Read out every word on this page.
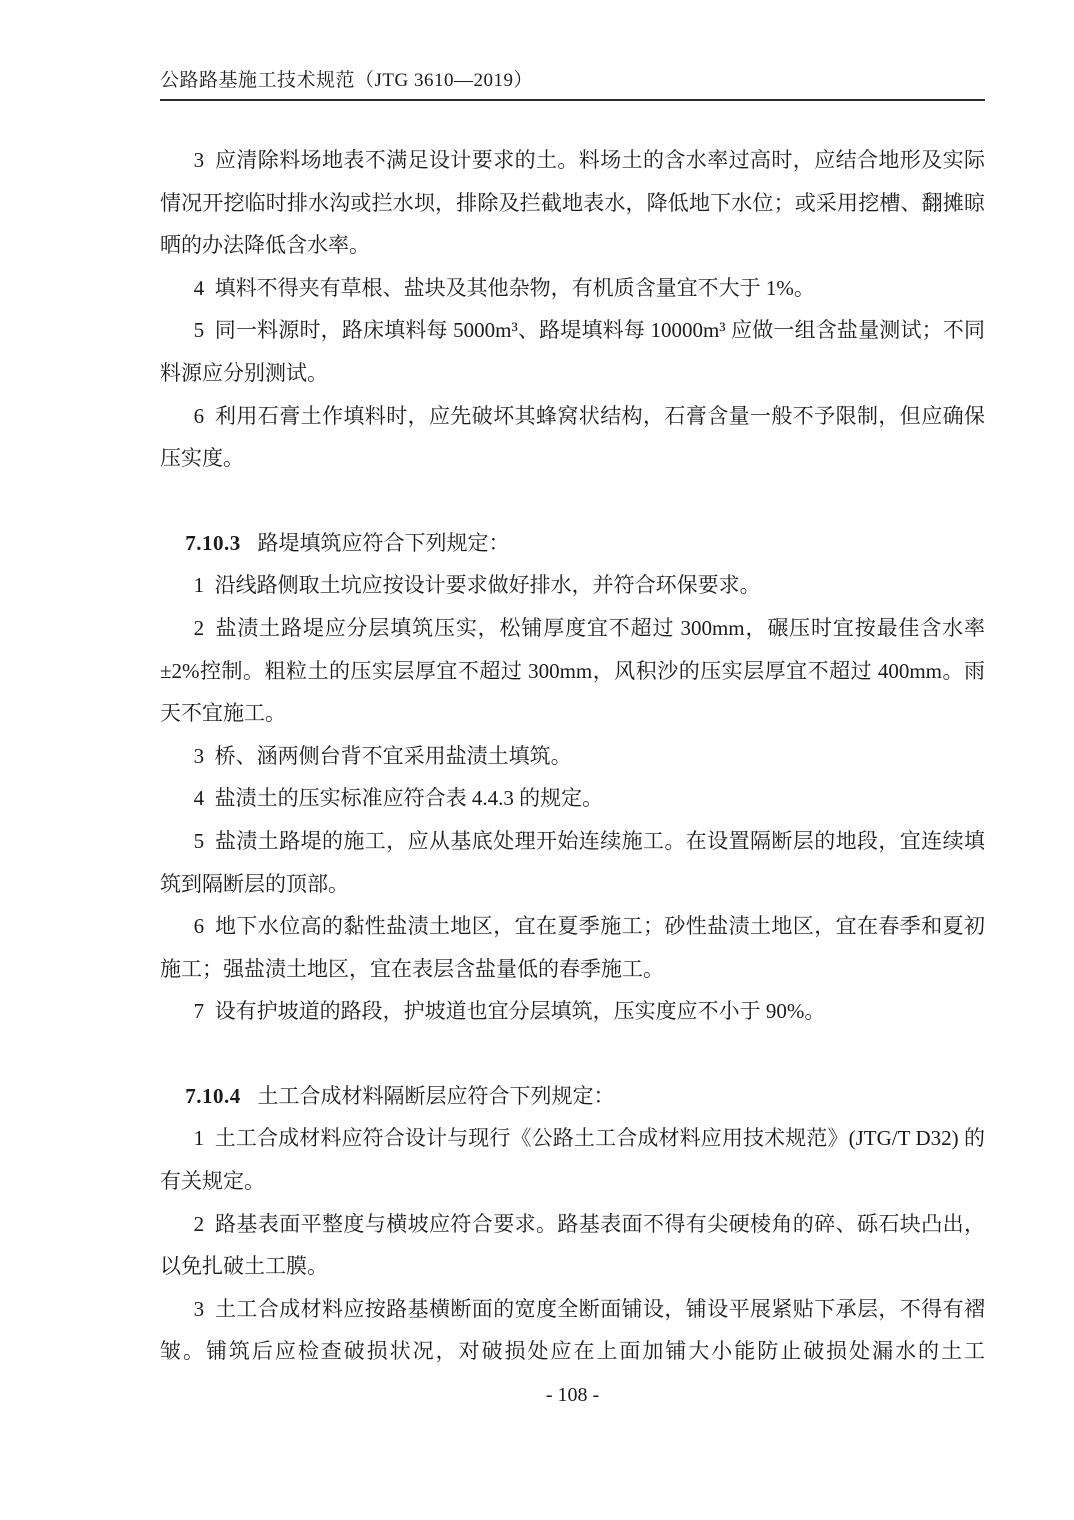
公路路基施工技术规范（JTG 3610—2019）

3 应清除料场地表不满足设计要求的土。料场土的含水率过高时，应结合地形及实际情况开挖临时排水沟或拦水坝，排除及拦截地表水，降低地下水位；或采用挖槽、翻摊晾晒的办法降低含水率。

4 填料不得夹有草根、盐块及其他杂物，有机质含量宜不大于 1%。

5 同一料源时，路床填料每 5000m³、路堤填料每 10000m³ 应做一组含盐量测试；不同料源应分别测试。

6 利用石膏土作填料时，应先破坏其蜂窝状结构，石膏含量一般不予限制，但应确保压实度。

7.10.3 路堤填筑应符合下列规定：

1 沿线路侧取土坑应按设计要求做好排水，并符合环保要求。

2 盐渍土路堤应分层填筑压实，松铺厚度宜不超过 300mm，碾压时宜按最佳含水率±2%控制。粗粒土的压实层厚宜不超过 300mm，风积沙的压实层厚宜不超过 400mm。雨天不宜施工。

3 桥、涵两侧台背不宜采用盐渍土填筑。

4 盐渍土的压实标准应符合表 4.4.3 的规定。

5 盐渍土路堤的施工，应从基底处理开始连续施工。在设置隔断层的地段，宜连续填筑到隔断层的顶部。

6 地下水位高的黏性盐渍土地区，宜在夏季施工；砂性盐渍土地区，宜在春季和夏初施工；强盐渍土地区，宜在表层含盐量低的春季施工。

7 设有护坡道的路段，护坡道也宜分层填筑，压实度应不小于 90%。

7.10.4 土工合成材料隔断层应符合下列规定：

1 土工合成材料应符合设计与现行《公路土工合成材料应用技术规范》(JTG/T D32) 的有关规定。

2 路基表面平整度与横坡应符合要求。路基表面不得有尖硬棱角的碎、砾石块凸出，以免扎破土工膜。

3 土工合成材料应按路基横断面的宽度全断面铺设，铺设平展紧贴下承层，不得有褶皱。铺筑后应检查破损状况，对破损处应在上面加铺大小能防止破损处漏水的土工

- 108 -
